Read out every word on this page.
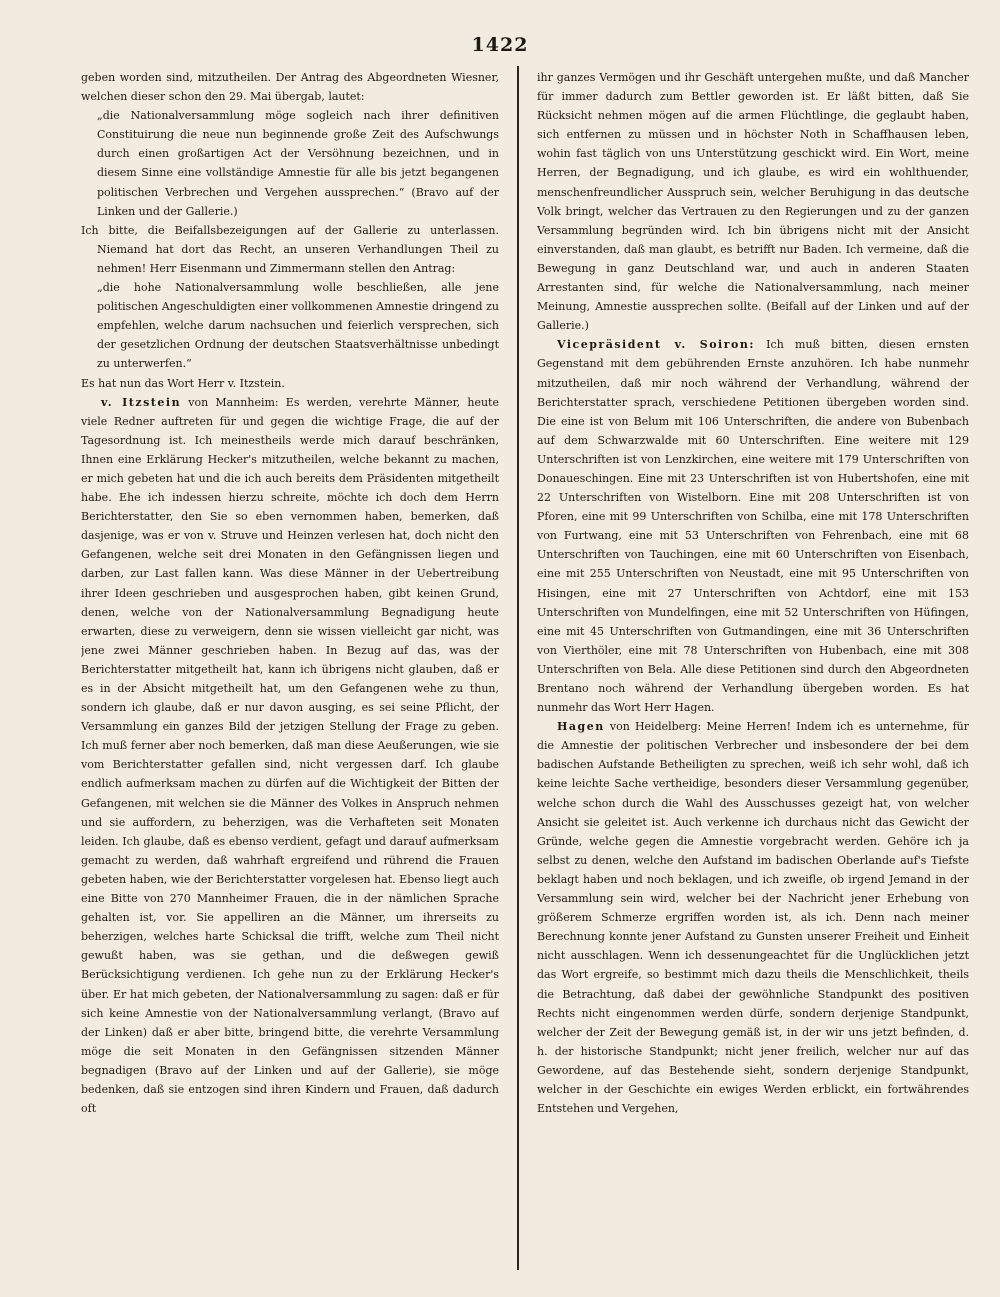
1422

geben worden sind, mitzutheilen. Der Antrag des Abgeordneten Wiesner, welchen dieser schon den 29. Mai übergab, lautet:

„die Nationalversammlung möge sogleich nach ihrer definitiven Constituirung die neue nun beginnende große Zeit des Aufschwungs durch einen großartigen Act der Versöhnung bezeichnen, und in diesem Sinne eine vollständige Amnestie für alle bis jetzt begangenen politischen Verbrechen und Vergehen aussprechen.“ (Bravo auf der Linken und der Gallerie.)

Ich bitte, die Beifallsbezeigungen auf der Gallerie zu unterlassen. Niemand hat dort das Recht, an unseren Verhandlungen Theil zu nehmen! Herr Eisenmann und Zimmermann stellen den Antrag:

„die hohe Nationalversammlung wolle beschließen, alle jene politischen Angeschuldigten einer vollkommenen Amnestie dringend zu empfehlen, welche darum nachsuchen und feierlich versprechen, sich der gesetzlichen Ordnung der deutschen Staatsverhältnisse unbedingt zu unterwerfen.“

Es hat nun das Wort Herr v. Itzstein.

v. Itzstein von Mannheim: Es werden, verehrte Männer, heute viele Redner auftreten für und gegen die wichtige Frage, die auf der Tagesordnung ist. Ich meinestheils werde mich darauf beschränken, Ihnen eine Erklärung Hecker's mitzutheilen, welche bekannt zu machen, er mich gebeten hat und die ich auch bereits dem Präsidenten mitgetheilt habe. Ehe ich indessen hierzu schreite, möchte ich doch dem Herrn Berichterstatter, den Sie so eben vernommen haben, bemerken, daß dasjenige, was er von v. Struve und Heinzen verlesen hat, doch nicht den Gefangenen, welche seit drei Monaten in den Gefängnissen liegen und darben, zur Last fallen kann. Was diese Männer in der Uebertreibung ihrer Ideen geschrieben und ausgesprochen haben, gibt keinen Grund, denen, welche von der Nationalversammlung Begnadigung heute erwarten, diese zu verweigern, denn sie wissen vielleicht gar nicht, was jene zwei Männer geschrieben haben. In Bezug auf das, was der Berichterstatter mitgetheilt hat, kann ich übrigens nicht glauben, daß er es in der Absicht mitgetheilt hat, um den Gefangenen wehe zu thun, sondern ich glaube, daß er nur davon ausging, es sei seine Pflicht, der Versammlung ein ganzes Bild der jetzigen Stellung der Frage zu geben. Ich muß ferner aber noch bemerken, daß man diese Aeußerungen, wie sie vom Berichterstatter gefallen sind, nicht vergessen darf. Ich glaube endlich aufmerksam machen zu dürfen auf die Wichtigkeit der Bitten der Gefangenen, mit welchen sie die Männer des Volkes in Anspruch nehmen und sie auffordern, zu beherzigen, was die Verhafteten seit Monaten leiden. Ich glaube, daß es ebenso verdient, gefagt und darauf aufmerksam gemacht zu werden, daß wahrhaft ergreifend und rührend die Frauen gebeten haben, wie der Berichterstatter vorgelesen hat. Ebenso liegt auch eine Bitte von 270 Mannheimer Frauen, die in der nämlichen Sprache gehalten ist, vor. Sie appelliren an die Männer, um ihrerseits zu beherzigen, welches harte Schicksal die trifft, welche zum Theil nicht gewußt haben, was sie gethan, und die deßwegen gewiß Berücksichtigung verdienen. Ich gehe nun zu der Erklärung Hecker's über. Er hat mich gebeten, der Nationalversammlung zu sagen: daß er für sich keine Amnestie von der Nationalversammlung verlangt, (Bravo auf der Linken) daß er aber bitte, bringend bitte, die verehrte Versammlung möge die seit Monaten in den Gefängnissen sitzenden Männer begnadigen (Bravo auf der Linken und auf der Gallerie), sie möge bedenken, daß sie entzogen sind ihren Kindern und Frauen, daß dadurch oft

ihr ganzes Vermögen und ihr Geschäft untergehen mußte, und daß Mancher für immer dadurch zum Bettler geworden ist. Er läßt bitten, daß Sie Rücksicht nehmen mögen auf die armen Flüchtlinge, die geglaubt haben, sich entfernen zu müssen und in höchster Noth in Schaffhausen leben, wohin fast täglich von uns Unterstützung geschickt wird. Ein Wort, meine Herren, der Begnadigung, und ich glaube, es wird ein wohlthuender, menschenfreundlicher Ausspruch sein, welcher Beruhigung in das deutsche Volk bringt, welcher das Vertrauen zu den Regierungen und zu der ganzen Versammlung begründen wird. Ich bin übrigens nicht mit der Ansicht einverstanden, daß man glaubt, es betrifft nur Baden. Ich vermeine, daß die Bewegung in ganz Deutschland war, und auch in anderen Staaten Arrestanten sind, für welche die Nationalversammlung, nach meiner Meinung, Amnestie aussprechen sollte. (Beifall auf der Linken und auf der Gallerie.)

Vicepräsident v. Soiron: Ich muß bitten, diesen ernsten Gegenstand mit dem gebührenden Ernste anzuhören. Ich habe nunmehr mitzutheilen, daß mir noch während der Verhandlung, während der Berichterstatter sprach, verschiedene Petitionen übergeben worden sind. Die eine ist von Belum mit 106 Unterschriften, die andere von Bubenbach auf dem Schwarzwalde mit 60 Unterschriften. Eine weitere mit 129 Unterschriften ist von Lenzkirchen, eine weitere mit 179 Unterschriften von Donaueschingen. Eine mit 23 Unterschriften ist von Hubertshofen, eine mit 22 Unterschriften von Wistelborn. Eine mit 208 Unterschriften ist von Pforen, eine mit 99 Unterschriften von Schilba, eine mit 178 Unterschriften von Furtwang, eine mit 53 Unterschriften von Fehrenbach, eine mit 68 Unterschriften von Tauchingen, eine mit 60 Unterschriften von Eisenbach, eine mit 255 Unterschriften von Neustadt, eine mit 95 Unterschriften von Hisingen, eine mit 27 Unterschriften von Achtdorf, eine mit 153 Unterschriften von Mundelfingen, eine mit 52 Unterschriften von Hüfingen, eine mit 45 Unterschriften von Gutmandingen, eine mit 36 Unterschriften von Vierthöler, eine mit 78 Unterschriften von Hubenbach, eine mit 308 Unterschriften von Bela. Alle diese Petitionen sind durch den Abgeordneten Brentano noch während der Verhandlung übergeben worden. Es hat nunmehr das Wort Herr Hagen.

Hagen von Heidelberg: Meine Herren! Indem ich es unternehme, für die Amnestie der politischen Verbrecher und insbesondere der bei dem badischen Aufstande Betheiligten zu sprechen, weiß ich sehr wohl, daß ich keine leichte Sache vertheidige, besonders dieser Versammlung gegenüber, welche schon durch die Wahl des Ausschusses gezeigt hat, von welcher Ansicht sie geleitet ist. Auch verkenne ich durchaus nicht das Gewicht der Gründe, welche gegen die Amnestie vorgebracht werden. Gehöre ich ja selbst zu denen, welche den Aufstand im badischen Oberlande auf's Tiefste beklagt haben und noch beklagen, und ich zweifle, ob irgend Jemand in der Versammlung sein wird, welcher bei der Nachricht jener Erhebung von größerem Schmerze ergriffen worden ist, als ich. Denn nach meiner Berechnung konnte jener Aufstand zu Gunsten unserer Freiheit und Einheit nicht ausschlagen. Wenn ich dessenungeachtet für die Unglücklichen jetzt das Wort ergreife, so bestimmt mich dazu theils die Menschlichkeit, theils die Betrachtung, daß dabei der gewöhnliche Standpunkt des positiven Rechts nicht eingenommen werden dürfe, sondern derjenige Standpunkt, welcher der Zeit der Bewegung gemäß ist, in der wir uns jetzt befinden, d. h. der historische Standpunkt; nicht jener freilich, welcher nur auf das Gewordene, auf das Bestehende sieht, sondern derjenige Standpunkt, welcher in der Geschichte ein ewiges Werden erblickt, ein fortwährendes Entstehen und Vergehen,
